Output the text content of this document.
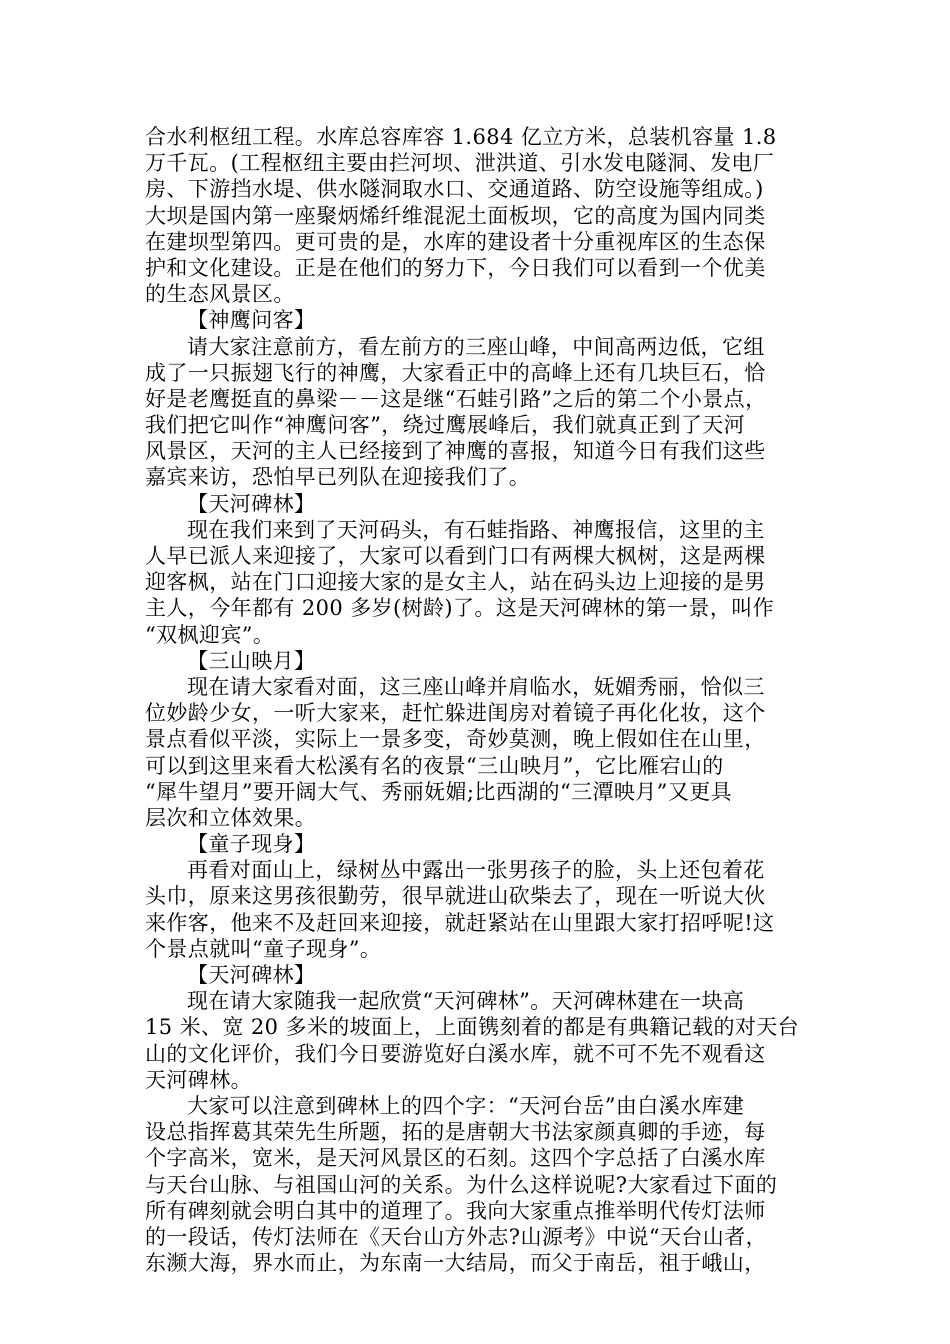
合水利枢纽工程。水库总容库容 1.684 亿立方米，总装机容量 1.8
万千瓦。(工程枢纽主要由拦河坝、泄洪道、引水发电隧洞、发电厂
房、下游挡水堤、供水隧洞取水口、交通道路、防空设施等组成。)
大坝是国内第一座聚炳烯纤维混泥土面板坝，它的高度为国内同类
在建坝型第四。更可贵的是，水库的建设者十分重视库区的生态保
护和文化建设。正是在他们的努力下，今日我们可以看到一个优美
的生态风景区。
【神鹰问客】
请大家注意前方，看左前方的三座山峰，中间高两边低，它组
成了一只振翅飞行的神鹰，大家看正中的高峰上还有几块巨石，恰
好是老鹰挺直的鼻梁－－这是继“石蛙引路”之后的第二个小景点，
我们把它叫作“神鹰问客”，绕过鹰展峰后，我们就真正到了天河
风景区，天河的主人已经接到了神鹰的喜报，知道今日有我们这些
嘉宾来访，恐怕早已列队在迎接我们了。
【天河碑林】
现在我们来到了天河码头，有石蛙指路、神鹰报信，这里的主
人早已派人来迎接了，大家可以看到门口有两棵大枫树，这是两棵
迎客枫，站在门口迎接大家的是女主人，站在码头边上迎接的是男
主人，今年都有 200 多岁(树龄)了。这是天河碑林的第一景，叫作
“双枫迎宾”。
【三山映月】
现在请大家看对面，这三座山峰并肩临水，妩媚秀丽，恰似三
位妙龄少女，一听大家来，赶忙躲进闺房对着镜子再化化妆，这个
景点看似平淡，实际上一景多变，奇妙莫测，晚上假如住在山里，
可以到这里来看大松溪有名的夜景“三山映月”，它比雁宕山的
“犀牛望月”要开阔大气、秀丽妩媚;比西湖的“三潭映月”又更具
层次和立体效果。
【童子现身】
再看对面山上，绿树丛中露出一张男孩子的脸，头上还包着花
头巾，原来这男孩很勤劳，很早就进山砍柴去了，现在一听说大伙
来作客，他来不及赶回来迎接，就赶紧站在山里跟大家打招呼呢!这
个景点就叫“童子现身”。
【天河碑林】
现在请大家随我一起欣赏“天河碑林”。天河碑林建在一块高
15 米、宽 20 多米的坡面上，上面镌刻着的都是有典籍记载的对天台
山的文化评价，我们今日要游览好白溪水库，就不可不先不观看这
天河碑林。
大家可以注意到碑林上的四个字：“天河台岳”由白溪水库建
设总指挥葛其荣先生所题，拓的是唐朝大书法家颜真卿的手迹，每
个字高米，宽米，是天河风景区的石刻。这四个字总括了白溪水库
与天台山脉、与祖国山河的关系。为什么这样说呢?大家看过下面的
所有碑刻就会明白其中的道理了。我向大家重点推举明代传灯法师
的一段话，传灯法师在《天台山方外志?山源考》中说“天台山者，
东濒大海，界水而止，为东南一大结局，而父于南岳，祖于峨山，
